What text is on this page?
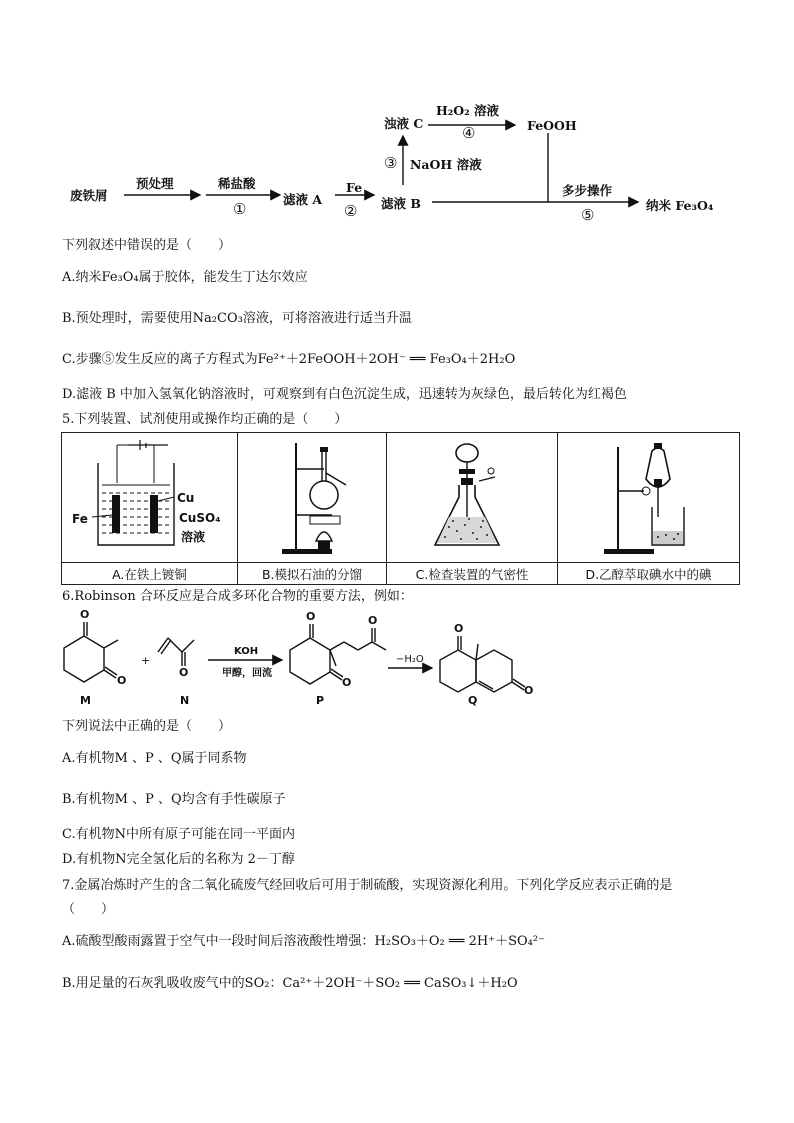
废铁屑
预处理	稀盐酸
①
滤液 A
Fe
② 滤液 B
③ NaOH 溶液
浊液 C
H₂O₂ 溶液
④	FeOOH
多步操作
⑤
纳米 Fe₃O₄
下列叙述中错误的是（　　）
A.纳米Fe₃O₄属于胶体，能发生丁达尔效应
B.预处理时，需要使用Na₂CO₃溶液，可将溶液进行适当升温
C.步骤⑤发生反应的离子方程式为Fe²⁺＋2FeOOH＋2OH⁻ ══ Fe₃O₄＋2H₂O
D.滤液 B 中加入氢氧化钠溶液时，可观察到有白色沉淀生成，迅速转为灰绿色，最后转化为红褐色
5.下列装置、试剂使用或操作均正确的是（　　）
Fe
Cu
CuSO₄
溶液

A.在铁上镀铜	B.模拟石油的分馏	C.检查装置的气密性	D.乙醇萃取碘水中的碘
6.Robinson 合环反应是合成多环化合物的重要方法，例如：
O
O
M
+
O
N
KOH
甲醇，回流
O
O
O
P
−H₂O
O
O
Q
下列说法中正确的是（　　）
A.有机物M 、P 、Q属于同系物
B.有机物M 、P 、Q均含有手性碳原子
C.有机物N中所有原子可能在同一平面内
D.有机物N完全氢化后的名称为 2－丁醇
7.金属冶炼时产生的含二氧化硫废气经回收后可用于制硫酸，实现资源化利用。下列化学反应表示正确的是
（　　）
A.硫酸型酸雨露置于空气中一段时间后溶液酸性增强：H₂SO₃＋O₂ ══ 2H⁺＋SO₄²⁻
B.用足量的石灰乳吸收废气中的SO₂：Ca²⁺＋2OH⁻＋SO₂ ══ CaSO₃↓＋H₂O
